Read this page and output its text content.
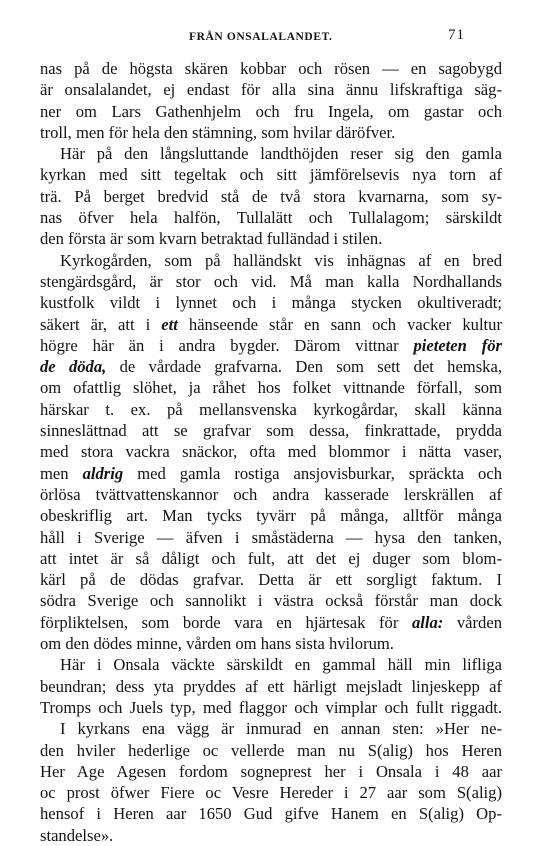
FRÅN ONSALALANDET.	71
nas på de högsta skären kobbar och rösen — en sagobygd
är onsalalandet, ej endast för alla sina ännu lifskraftiga säg-
ner om Lars Gathenhjelm och fru Ingela, om gastar och
troll, men för hela den stämning, som hvilar däröfver.
Här på den långsluttande landthöjden reser sig den gamla
kyrkan med sitt tegeltak och sitt jämförelsevis nya torn af
trä. På berget bredvid stå de två stora kvarnarna, som sy-
nas öfver hela halfön, Tullalätt och Tullalagom; särskildt
den första är som kvarn betraktad fulländad i stilen.
Kyrkogården, som på halländskt vis inhägnas af en bred
stengärdsgård, är stor och vid. Må man kalla Nordhallands
kustfolk vildt i lynnet och i många stycken okultiveradt;
säkert är, att i ett hänseende står en sann och vacker kultur
högre här än i andra bygder. Därom vittnar pieteten för
de döda, de vårdade grafvarna. Den som sett det hemska,
om ofattlig slöhet, ja råhet hos folket vittnande förfall, som
härskar t. ex. på mellansvenska kyrkogårdar, skall känna
sinneslättnad att se grafvar som dessa, finkrattade, prydda
med stora vackra snäckor, ofta med blommor i nätta vaser,
men aldrig med gamla rostiga ansjovisburkar, spräckta och
örlösa tvättvattenskannor och andra kasserade lerskrällen af
obeskriflig art. Man tycks tyvärr på många, alltför många
håll i Sverige — äfven i småstäderna — hysa den tanken,
att intet är så dåligt och fult, att det ej duger som blom-
kärl på de dödas grafvar. Detta är ett sorgligt faktum. I
södra Sverige och sannolikt i västra också förstår man dock
förpliktelsen, som borde vara en hjärtesak för alla: vården
om den dödes minne, vården om hans sista hvilorum.
Här i Onsala väckte särskildt en gammal häll min lifliga
beundran; dess yta pryddes af ett härligt mejsladt linjeskepp af
Tromps och Juels typ, med flaggor och vimplar och fullt riggadt.
I kyrkans ena vägg är inmurad en annan sten: »Her ne-
den hviler hederlige oc vellerde man nu S(alig) hos Heren
Her Age Agesen fordom sogneprest her i Onsala i 48 aar
oc prost öfwer Fiere oc Vesre Hereder i 27 aar som S(alig)
hensof i Heren aar 1650 Gud gifve Hanem en S(alig) Op-
standelse».
